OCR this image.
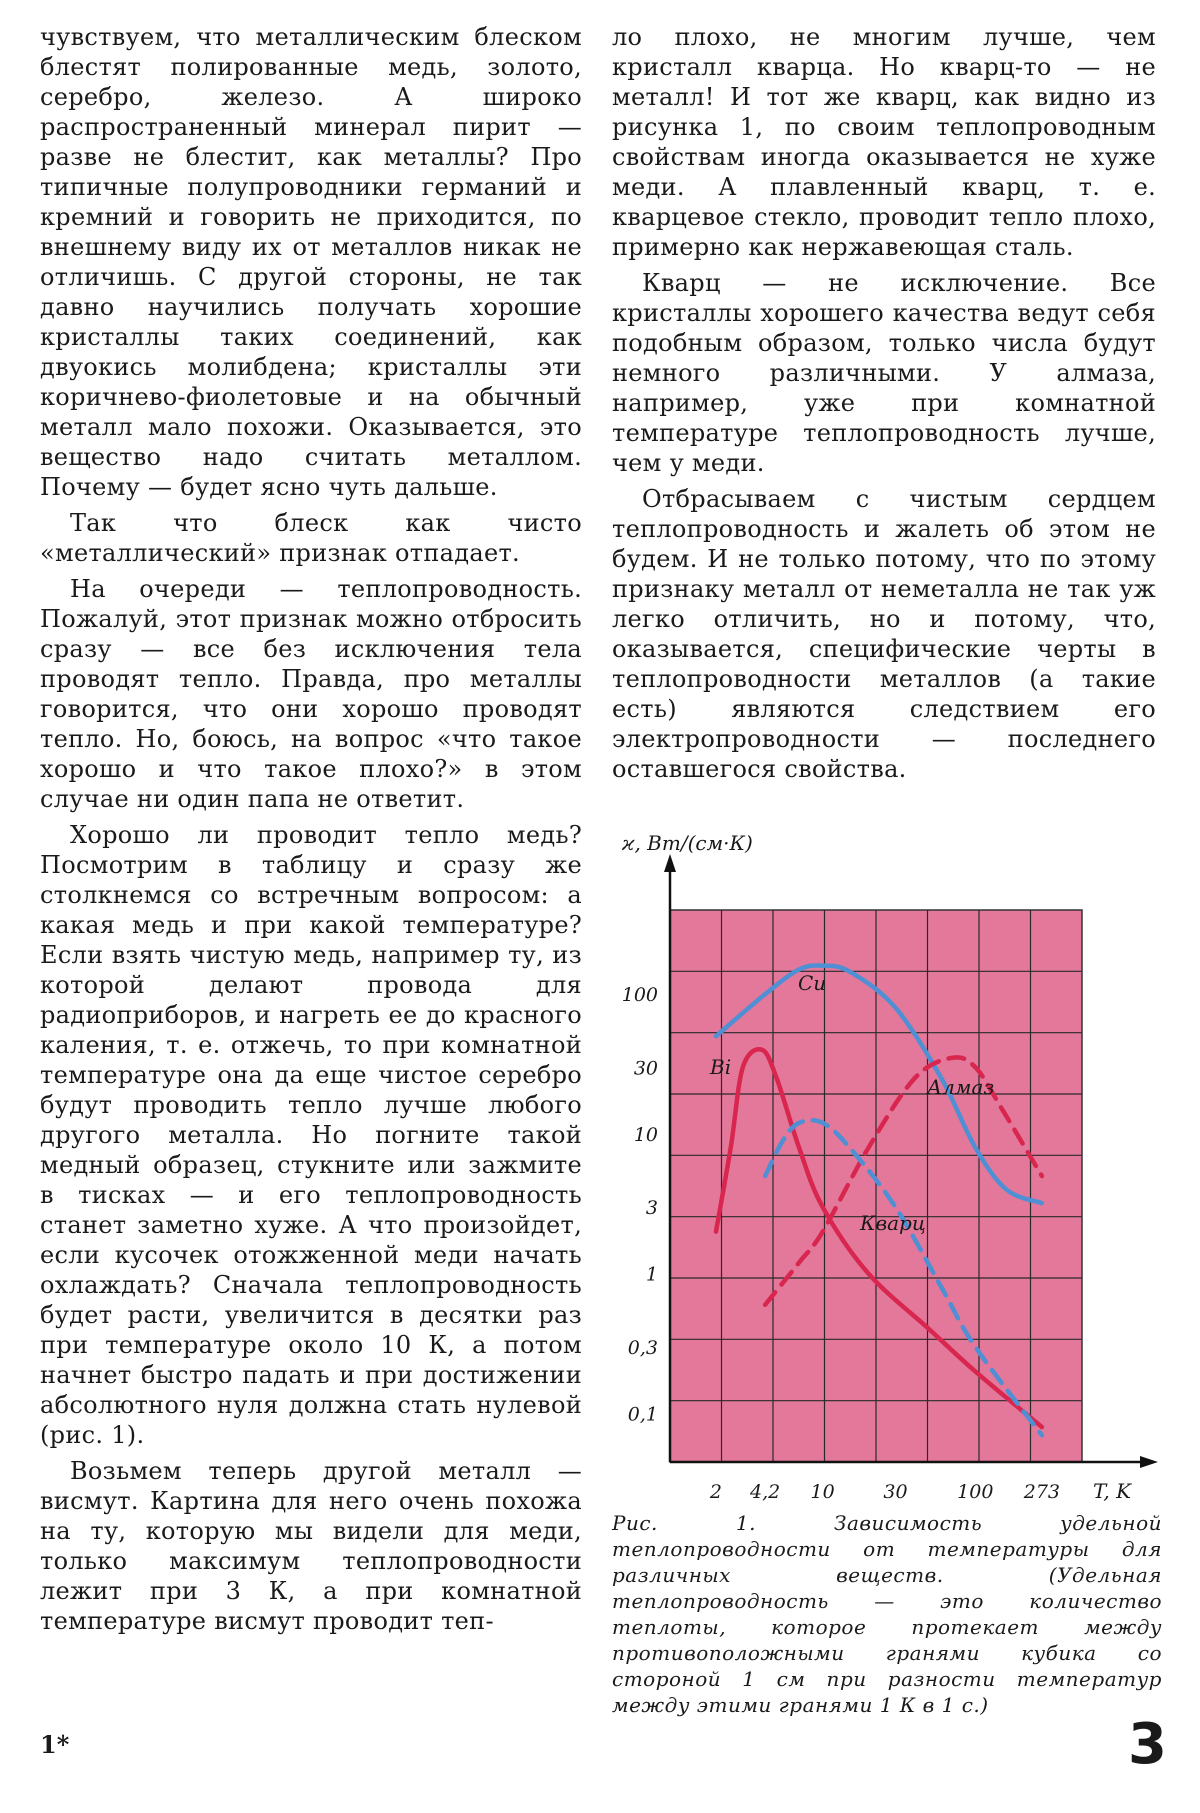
чувствуем, что металлическим блеском блестят полированные медь, золото, серебро, железо. А широко распространенный минерал пирит — разве не блестит, как металлы? Про типичные полупроводники германий и кремний и говорить не приходится, по внешнему виду их от металлов никак не отличишь. С другой стороны, не так давно научились получать хорошие кристаллы таких соединений, как двуокись молибдена; кристаллы эти коричнево-фиолетовые и на обычный металл мало похожи. Оказывается, это вещество надо считать металлом. Почему — будет ясно чуть дальше.

Так что блеск как чисто «металлический» признак отпадает.

На очереди — теплопроводность. Пожалуй, этот признак можно отбросить сразу — все без исключения тела проводят тепло. Правда, про металлы говорится, что они хорошо проводят тепло. Но, боюсь, на вопрос «что такое хорошо и что такое плохо?» в этом случае ни один папа не ответит.

Хорошо ли проводит тепло медь? Посмотрим в таблицу и сразу же столкнемся со встречным вопросом: а какая медь и при какой температуре? Если взять чистую медь, например ту, из которой делают провода для радиоприборов, и нагреть ее до красного каления, т. е. отжечь, то при комнатной температуре она да еще чистое серебро будут проводить тепло лучше любого другого металла. Но погните такой медный образец, стукните или зажмите в тисках — и его теплопроводность станет заметно хуже. А что произойдет, если кусочек отожженной меди начать охлаждать? Сначала теплопроводность будет расти, увеличится в десятки раз при температуре около 10 К, а потом начнет быстро падать и при достижении абсолютного нуля должна стать нулевой (рис. 1).

Возьмем теперь другой металл — висмут. Картина для него очень похожа на ту, которую мы видели для меди, только максимум теплопроводности лежит при 3 К, а при комнатной температуре висмут проводит теп-

ло плохо, не многим лучше, чем кристалл кварца. Но кварц-то — не металл! И тот же кварц, как видно из рисунка 1, по своим теплопроводным свойствам иногда оказывается не хуже меди. А плавленный кварц, т. е. кварцевое стекло, проводит тепло плохо, примерно как нержавеющая сталь.

Кварц — не исключение. Все кристаллы хорошего качества ведут себя подобным образом, только числа будут немного различными. У алмаза, например, уже при комнатной температуре теплопроводность лучше, чем у меди.

Отбрасываем с чистым сердцем теплопроводность и жалеть об этом не будем. И не только потому, что по этому признаку металл от неметалла не так уж легко отличить, но и потому, что, оказывается, специфические черты в теплопроводности металлов (а такие есть) являются следствием его электропроводности — последнего оставшегося свойства.

ϰ, Вт/(см·К)
T, K
2 4,2 10	30	100 273
100
30
10
3
1
0,3
0,1
Cu
Bi
Алмаз
Кварц
Рис. 1. Зависимость удельной теплопроводности от температуры для различных веществ. (Удельная теплопроводность — это количество теплоты, которое протекает между противоположными гранями кубика со стороной 1 см при разности температур между этими гранями 1 К в 1 с.)
1*	3
